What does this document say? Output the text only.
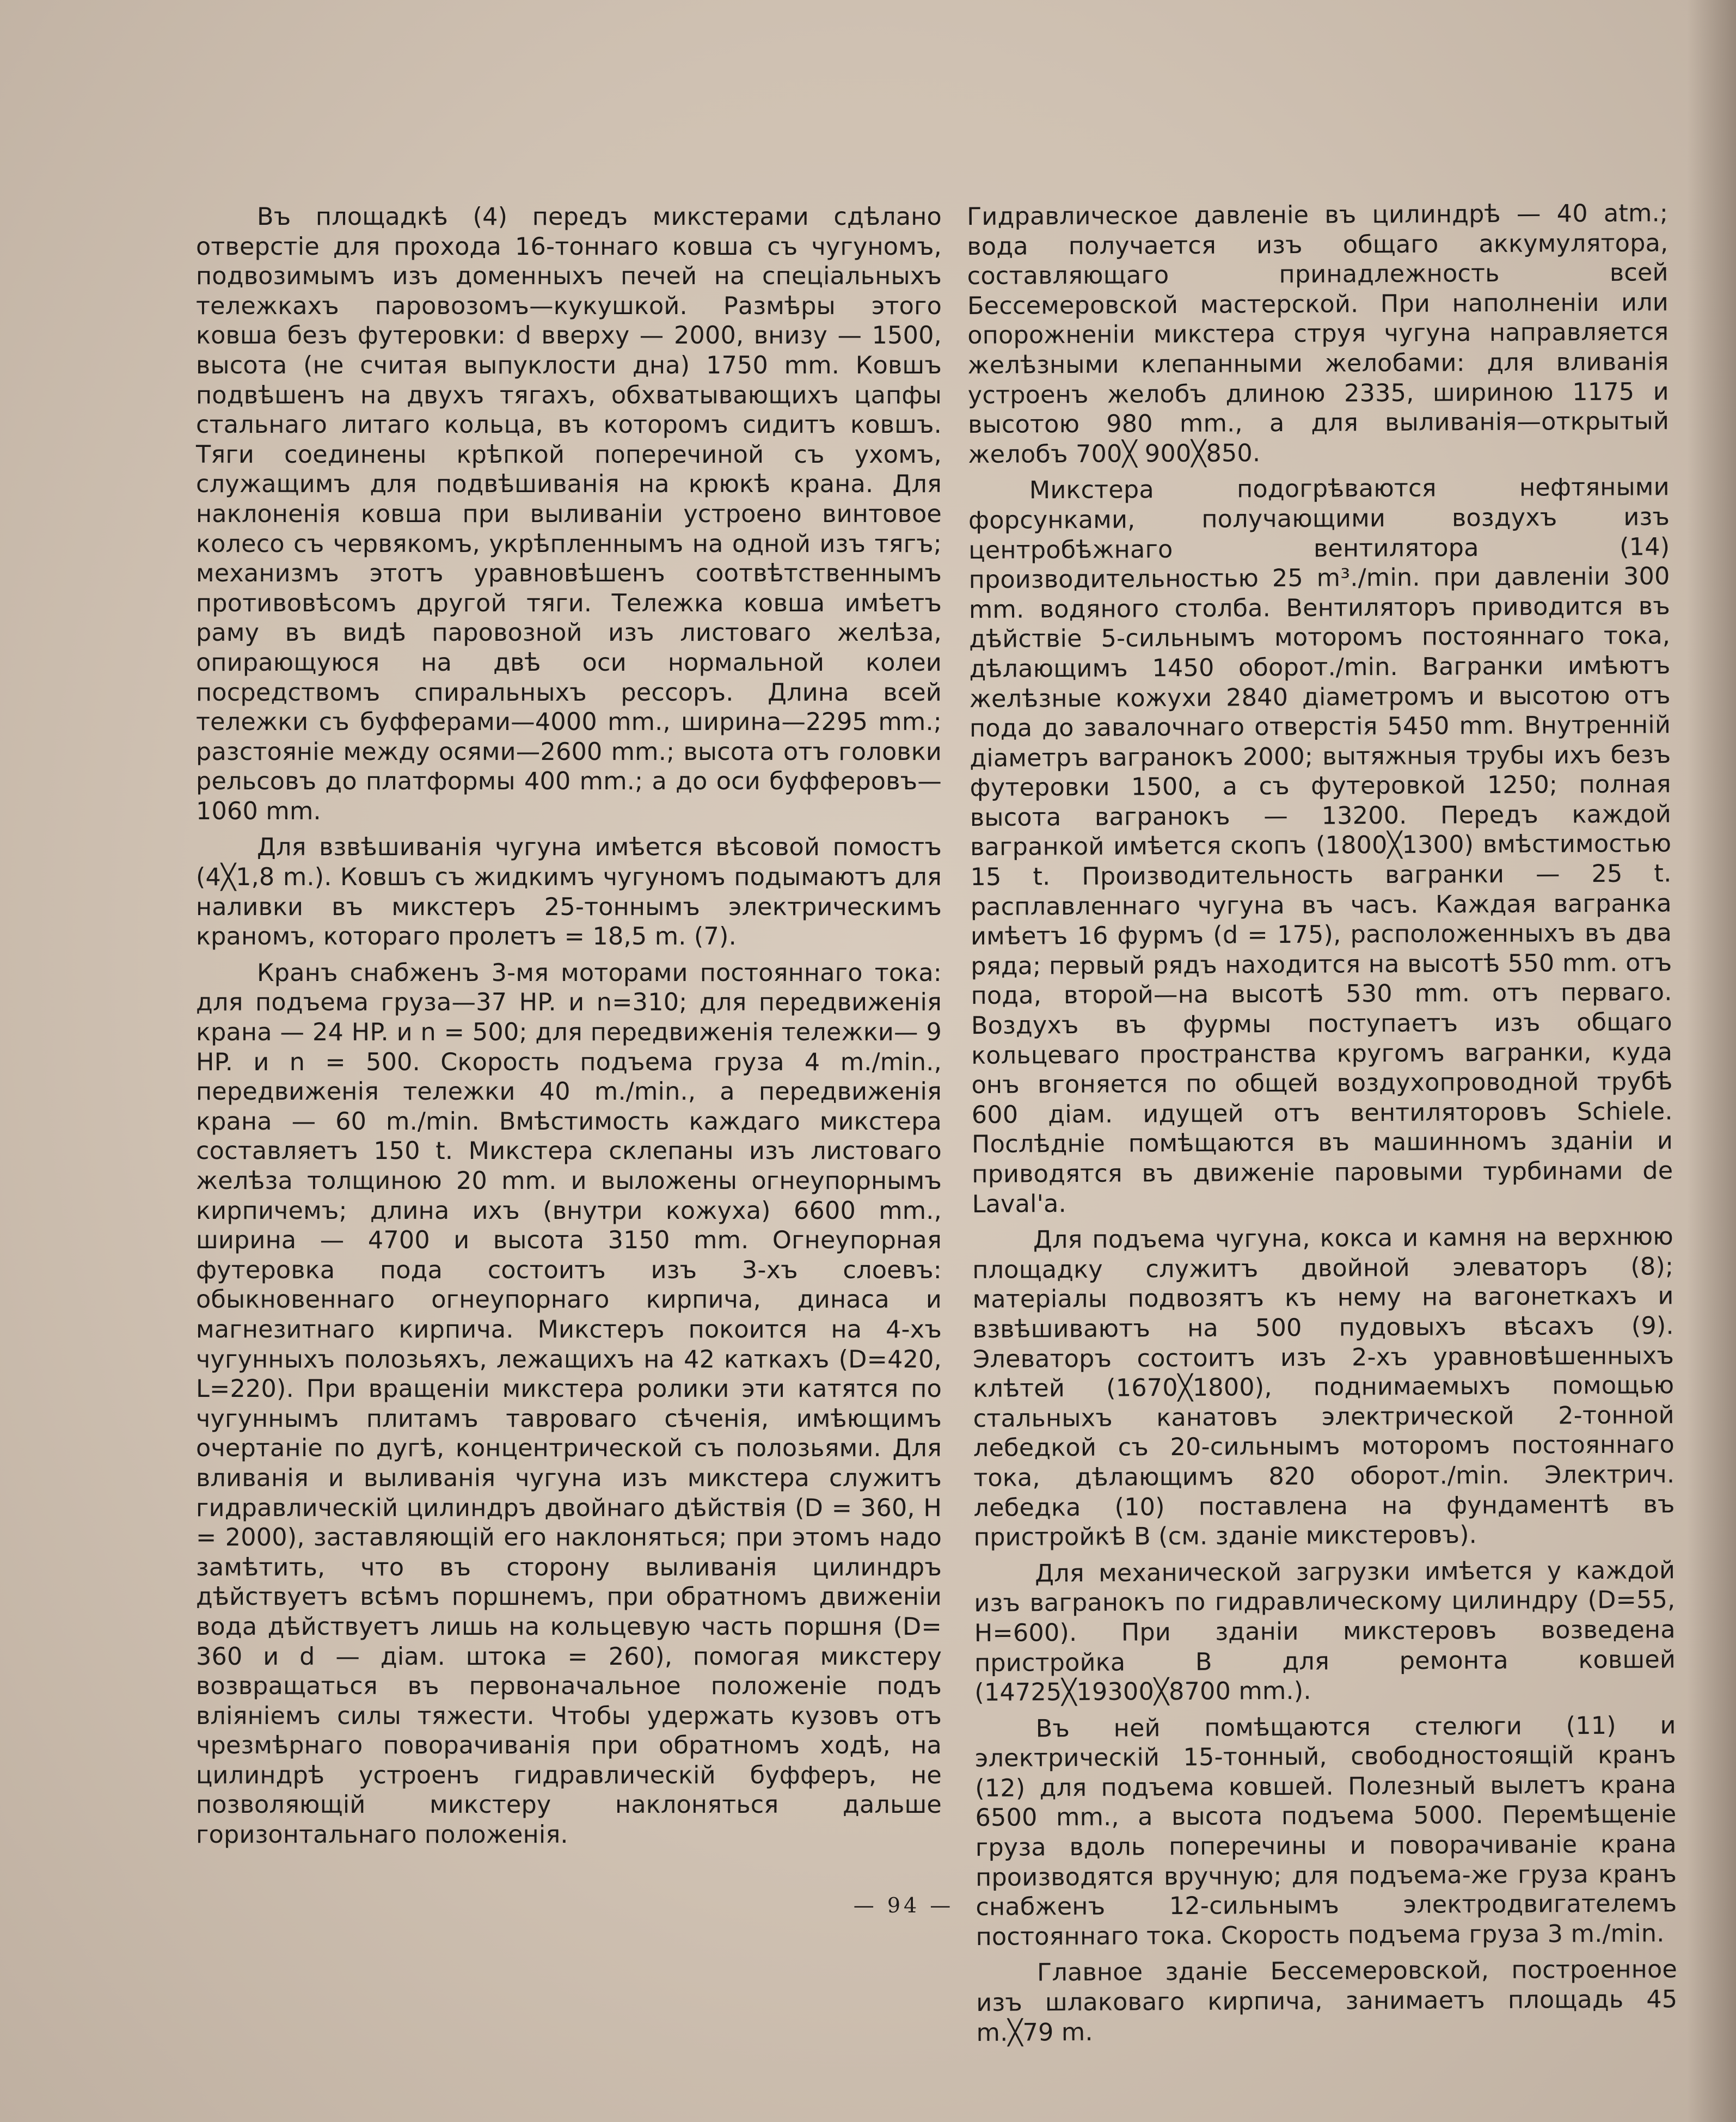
Въ площадкѣ (4) передъ микстерами сдѣлано отверстіе для прохода 16-тоннаго ковша съ чугуномъ, подвозимымъ изъ доменныхъ печей на спеціальныхъ тележкахъ паровозомъ—кукушкой. Размѣры этого ковша безъ футеровки: d вверху — 2000, внизу — 1500, высота (не считая выпуклости дна) 1750 mm. Ковшъ подвѣшенъ на двухъ тягахъ, обхватывающихъ цапфы стальнаго литаго кольца, въ которомъ сидитъ ковшъ. Тяги соединены крѣпкой поперечиной съ ухомъ, служащимъ для подвѣшиванія на крюкѣ крана. Для наклоненія ковша при выливаніи устроено винтовое колесо съ червякомъ, укрѣпленнымъ на одной изъ тягъ; механизмъ этотъ уравновѣшенъ соотвѣтственнымъ противовѣсомъ другой тяги. Тележка ковша имѣетъ раму въ видѣ паровозной изъ листоваго желѣза, опирающуюся на двѣ оси нормальной колеи посредствомъ спиральныхъ рессоръ. Длина всей тележки съ буфферами—4000 mm., ширина—2295 mm.; разстояніе между осями—2600 mm.; высота отъ головки рельсовъ до платформы 400 mm.; а до оси буфферовъ—1060 mm.

Для взвѣшиванія чугуна имѣется вѣсовой помостъ (4╳1,8 m.). Ковшъ съ жидкимъ чугуномъ подымаютъ для наливки въ микстеръ 25-тоннымъ электрическимъ краномъ, котораго пролетъ = 18,5 m. (7).

Кранъ снабженъ 3-мя моторами постояннаго тока: для подъема груза—37 HP. и n=310; для передвиженія крана — 24 HP. и n = 500; для передвиженія тележки— 9 HP. и n = 500. Скорость подъема груза 4 m./min., передвиженія тележки 40 m./min., а передвиженія крана — 60 m./min. Вмѣстимость каждаго микстера составляетъ 150 t. Микстера склепаны изъ листоваго желѣза толщиною 20 mm. и выложены огнеупорнымъ кирпичемъ; длина ихъ (внутри кожуха) 6600 mm., ширина — 4700 и высота 3150 mm. Огнеупорная футеровка пода состоитъ изъ 3-хъ слоевъ: обыкновеннаго огнеупорнаго кирпича, динаса и магнезитнаго кирпича. Микстеръ покоится на 4-хъ чугунныхъ полозьяхъ, лежащихъ на 42 каткахъ (D=420, L=220). При вращеніи микстера ролики эти катятся по чугуннымъ плитамъ тавроваго сѣченія, имѣющимъ очертаніе по дугѣ, концентрической съ полозьями. Для вливанія и выливанія чугуна изъ микстера служитъ гидравлическій цилиндръ двойнаго дѣйствія (D = 360, H = 2000), заставляющій его наклоняться; при этомъ надо замѣтить, что въ сторону выливанія цилиндръ дѣйствуетъ всѣмъ поршнемъ, при обратномъ движеніи вода дѣйствуетъ лишь на кольцевую часть поршня (D= 360 и d — діам. штока = 260), помогая микстеру возвращаться въ первоначальное положеніе подъ вліяніемъ силы тяжести. Чтобы удержать кузовъ отъ чрезмѣрнаго поворачиванія при обратномъ ходѣ, на цилиндрѣ устроенъ гидравлическій буфферъ, не позволяющій микстеру наклоняться дальше горизонтальнаго положенія.

Гидравлическое давленіе въ цилиндрѣ — 40 atm.; вода получается изъ общаго аккумулятора, составляющаго принадлежность всей Бессемеровской мастерской. При наполненіи или опорожненіи микстера струя чугуна направляется желѣзными клепанными желобами: для вливанія устроенъ желобъ длиною 2335, шириною 1175 и высотою 980 mm., а для выливанія—открытый желобъ 700╳ 900╳850.

Микстера подогрѣваются нефтяными форсунками, получающими воздухъ изъ центробѣжнаго вентилятора (14) производительностью 25 m³./min. при давленіи 300 mm. водяного столба. Вентиляторъ приводится въ дѣйствіе 5-сильнымъ моторомъ постояннаго тока, дѣлающимъ 1450 оборот./min. Вагранки имѣютъ желѣзные кожухи 2840 діаметромъ и высотою отъ пода до завалочнаго отверстія 5450 mm. Внутренній діаметръ вагранокъ 2000; вытяжныя трубы ихъ безъ футеровки 1500, а съ футеровкой 1250; полная высота вагранокъ — 13200. Передъ каждой вагранкой имѣется скопъ (1800╳1300) вмѣстимостью 15 t. Производительность вагранки — 25 t. расплавленнаго чугуна въ часъ. Каждая вагранка имѣетъ 16 фурмъ (d = 175), расположенныхъ въ два ряда; первый рядъ находится на высотѣ 550 mm. отъ пода, второй—на высотѣ 530 mm. отъ перваго. Воздухъ въ фурмы поступаетъ изъ общаго кольцеваго пространства кругомъ вагранки, куда онъ вгоняется по общей воздухопроводной трубѣ 600 діам. идущей отъ вентиляторовъ Schiele. Послѣдніе помѣщаются въ машинномъ зданіи и приводятся въ движеніе паровыми турбинами de Laval'a.

Для подъема чугуна, кокса и камня на верхнюю площадку служитъ двойной элеваторъ (8); матеріалы подвозятъ къ нему на вагонеткахъ и взвѣшиваютъ на 500 пудовыхъ вѣсахъ (9). Элеваторъ состоитъ изъ 2-хъ уравновѣшенныхъ клѣтей (1670╳1800), поднимаемыхъ помощью стальныхъ канатовъ электрической 2-тонной лебедкой съ 20-сильнымъ моторомъ постояннаго тока, дѣлающимъ 820 оборот./min. Электрич. лебедка (10) поставлена на фундаментѣ въ пристройкѣ B (см. зданіе микстеровъ).

Для механической загрузки имѣется у каждой изъ вагранокъ по гидравлическому цилиндру (D=55, H=600). При зданіи микстеровъ возведена пристройка B для ремонта ковшей (14725╳19300╳8700 mm.).

Въ ней помѣщаются стелюги (11) и электрическій 15-тонный, свободностоящій кранъ (12) для подъема ковшей. Полезный вылетъ крана 6500 mm., а высота подъема 5000. Перемѣщеніе груза вдоль поперечины и поворачиваніе крана производятся вручную; для подъема-же груза кранъ снабженъ 12-сильнымъ электродвигателемъ постояннаго тока. Скорость подъема груза 3 m./min.

Главное зданіе Бессемеровской, построенное изъ шлаковаго кирпича, занимаетъ площадь 45 m.╳79 m.

— 94 —
